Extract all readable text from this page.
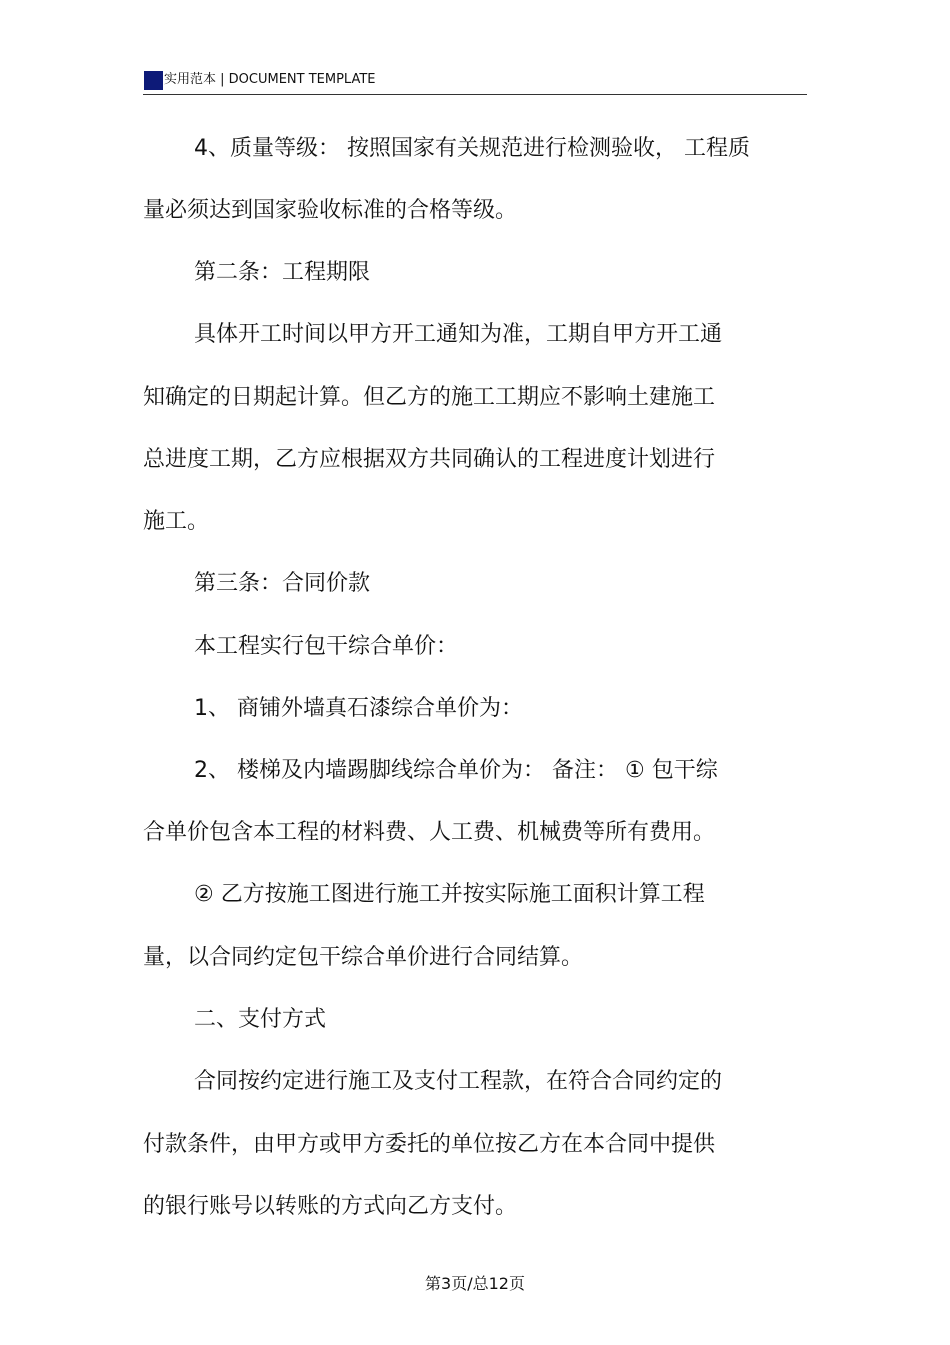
实用范本 | DOCUMENT TEMPLATE
4、质量等级： 按照国家有关规范进行检测验收， 工程质
量必须达到国家验收标准的合格等级。
第二条：工程期限
具体开工时间以甲方开工通知为准，工期自甲方开工通
知确定的日期起计算。但乙方的施工工期应不影响土建施工
总进度工期，乙方应根据双方共同确认的工程进度计划进行
施工。
第三条：合同价款
本工程实行包干综合单价：
1、 商铺外墙真石漆综合单价为：
2、 楼梯及内墙踢脚线综合单价为： 备注： ① 包干综
合单价包含本工程的材料费、人工费、机械费等所有费用。
② 乙方按施工图进行施工并按实际施工面积计算工程
量，以合同约定包干综合单价进行合同结算。
二、支付方式
合同按约定进行施工及支付工程款，在符合合同约定的
付款条件，由甲方或甲方委托的单位按乙方在本合同中提供
的银行账号以转账的方式向乙方支付。
第3页/总12页
